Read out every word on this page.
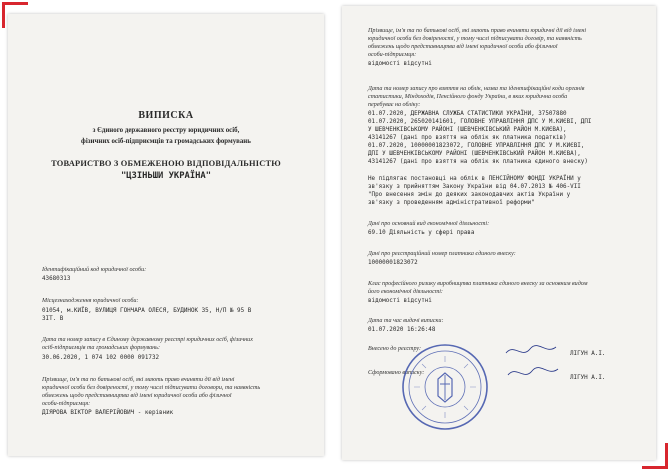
ВИПИСКА
з Єдиного державного реєстру юридичних осіб,
фізичних осіб-підприємців та громадських формувань
ТОВАРИСТВО З ОБМЕЖЕНОЮ ВІДПОВІДАЛЬНІСТЮ
"ЦЗІНЬШИ УКРАЇНА"
Ідентифікаційний код юридичної особи:
43680313
Місцезнаходження юридичної особи:
01054, м.КИЇВ, ВУЛИЦЯ ГОНЧАРА ОЛЕСЯ, БУДИНОК 35, Н/П № 95 В
ЗІТ. В
Дата та номер запису в Єдиному державному реєстрі юридичних осіб, фізичних
осіб-підприємців та громадських формувань:
30.06.2020, 1 074 102 0000 091732
Прізвище, ім'я та по батькові осіб, які мають право вчиняти дії від імені
юридичної особи без довіреності, у тому числі підписувати договори, та наявність
обмежень щодо представництва від імені юридичної особи або фізичної
особи-підприємця:
ДІЯРОВА ВІКТОР ВАЛЕРІЙОВИЧ - керівник
Прізвище, ім'я та по батькові осіб, які мають право вчиняти юридичні дії від імені
юридичної особи без довіреності, у тому числі підписувати договір, та наявність
обмежень щодо представництва від імені юридичної особи або фізичної
особи-підприємця:
відомості відсутні
Дата та номер запису про взяття на облік, назва та ідентифікаційні коди органів
статистики, Міндоходів, Пенсійного фонду України, в яких юридична особа
перебуває на обліку:
01.07.2020, ДЕРЖАВНА СЛУЖБА СТАТИСТИКИ УКРАЇНИ, 37507880
01.07.2020, 265020141601, ГОЛОВНЕ УПРАВЛІННЯ ДПС У М.КИЄВІ, ДПІ
У ШЕВЧЕНКІВСЬКОМУ РАЙОНІ (ШЕВЧЕНКІВСЬКИЙ РАЙОН М.КИЄВА),
43141267 (дані про взяття на облік як платника податків)
01.07.2020, 10000001823072, ГОЛОВНЕ УПРАВЛІННЯ ДПС У М.КИЄВІ,
ДПІ У ШЕВЧЕНКІВСЬКОМУ РАЙОНІ (ШЕВЧЕНКІВСЬКИЙ РАЙОН М.КИЄВА),
43141267 (дані про взяття на облік як платника єдиного внеску)
Не підлягає постановці на облік в ПЕНСІЙНОМУ ФОНДІ УКРАЇНИ у
зв'язку з прийняттям Закону України від 04.07.2013 № 406-VII
"Про внесення змін до деяких законодавчих актів України у
зв'язку з проведенням адміністративної реформи"
Дані про основний вид економічної діяльності:
69.10 Діяльність у сфері права
Дані про реєстраційний номер платника єдиного внеску:
10000001823072
Клас професійного ризику виробництва платника єдиного внеску за основним видом
його економічної діяльності:
відомості відсутні
Дата та час видачі виписки:
01.07.2020 16:26:48
Внесено до реєстру:
ЛІГУН А.І.
Сформовано виписку:
ЛІГУН А.І.
